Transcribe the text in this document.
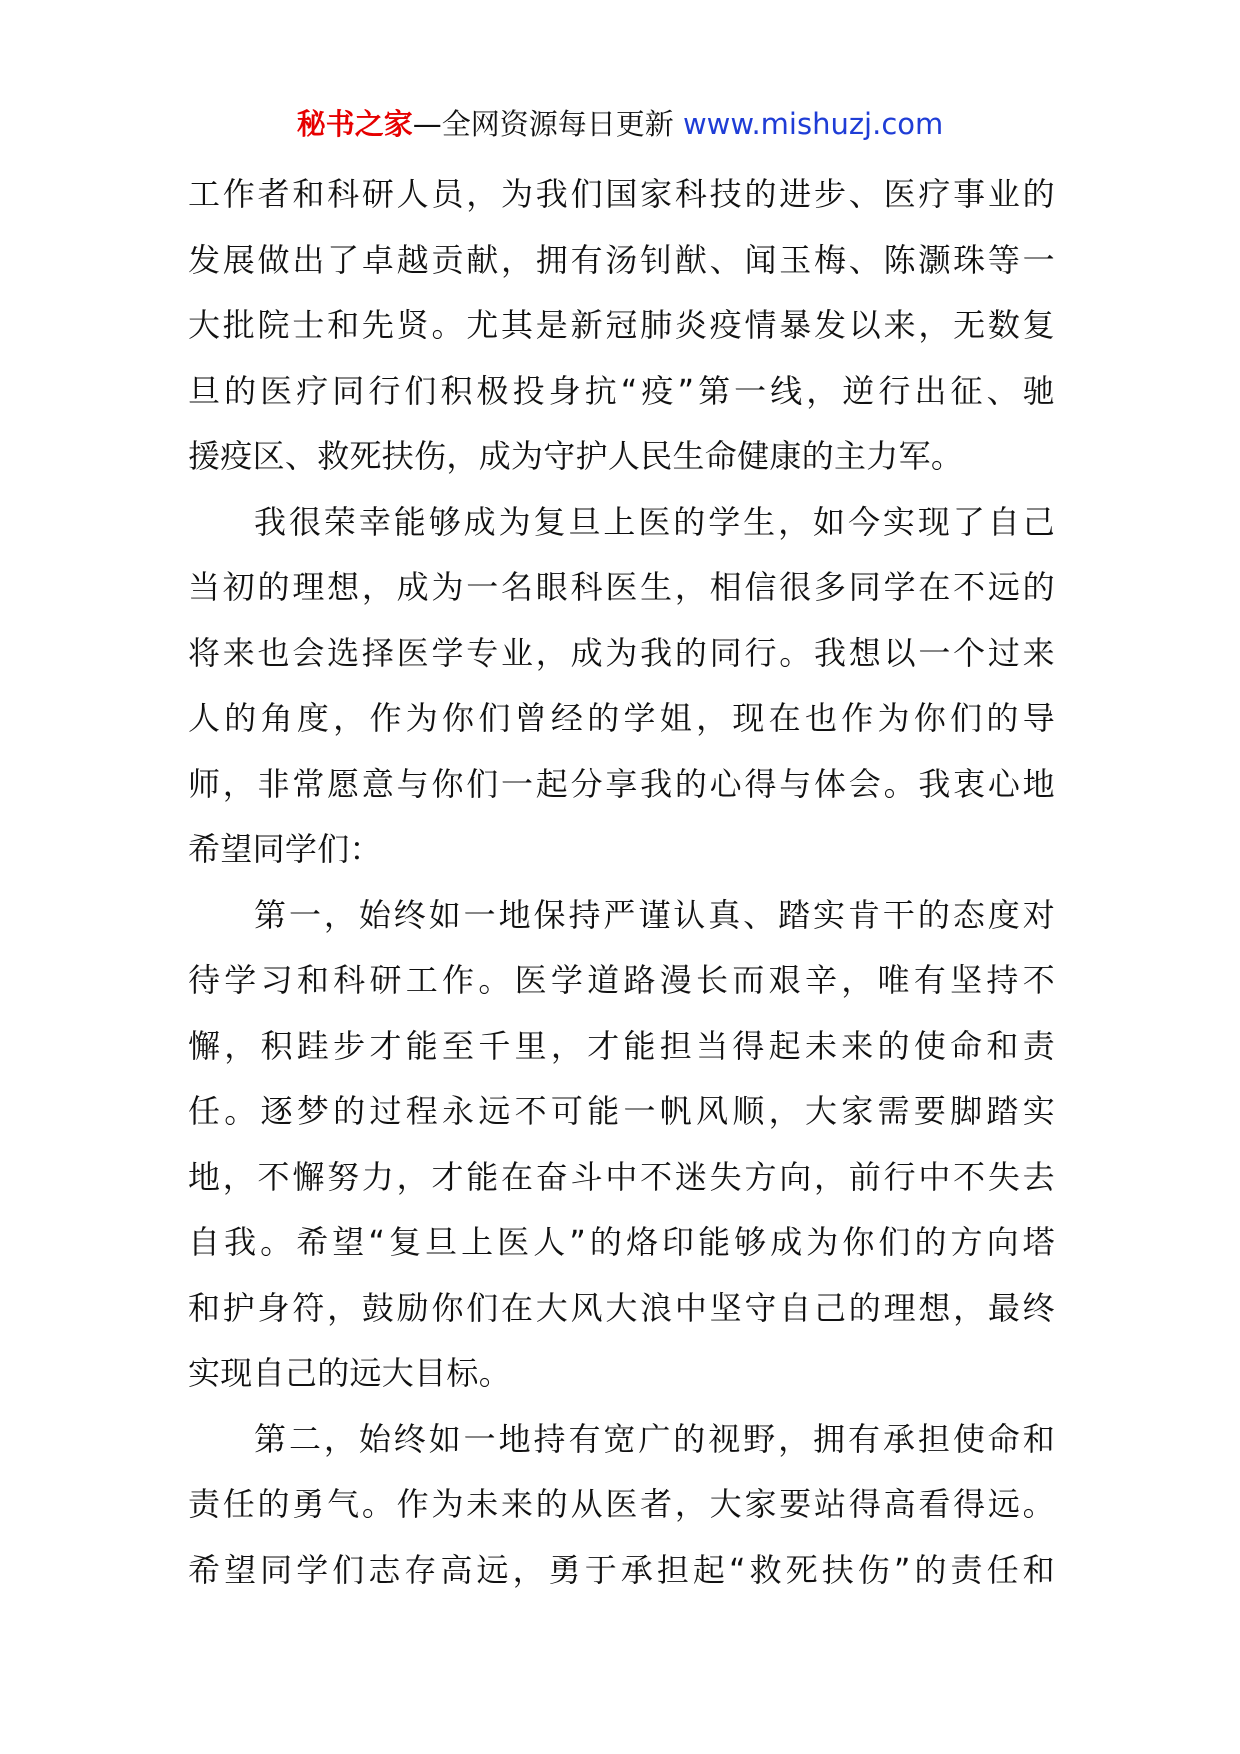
秘书之家—全网资源每日更新 www.mishuzj.com
工作者和科研人员，为我们国家科技的进步、医疗事业的
发展做出了卓越贡献，拥有汤钊猷、闻玉梅、陈灏珠等一
大批院士和先贤。尤其是新冠肺炎疫情暴发以来，无数复
旦的医疗同行们积极投身抗“疫”第一线，逆行出征、驰
援疫区、救死扶伤，成为守护人民生命健康的主力军。
我很荣幸能够成为复旦上医的学生，如今实现了自己
当初的理想，成为一名眼科医生，相信很多同学在不远的
将来也会选择医学专业，成为我的同行。我想以一个过来
人的角度，作为你们曾经的学姐，现在也作为你们的导
师，非常愿意与你们一起分享我的心得与体会。我衷心地
希望同学们：
第一，始终如一地保持严谨认真、踏实肯干的态度对
待学习和科研工作。医学道路漫长而艰辛，唯有坚持不
懈，积跬步才能至千里，才能担当得起未来的使命和责
任。逐梦的过程永远不可能一帆风顺，大家需要脚踏实
地，不懈努力，才能在奋斗中不迷失方向，前行中不失去
自我。希望“复旦上医人”的烙印能够成为你们的方向塔
和护身符，鼓励你们在大风大浪中坚守自己的理想，最终
实现自己的远大目标。
第二，始终如一地持有宽广的视野，拥有承担使命和
责任的勇气。作为未来的从医者，大家要站得高看得远。
希望同学们志存高远，勇于承担起“救死扶伤”的责任和
